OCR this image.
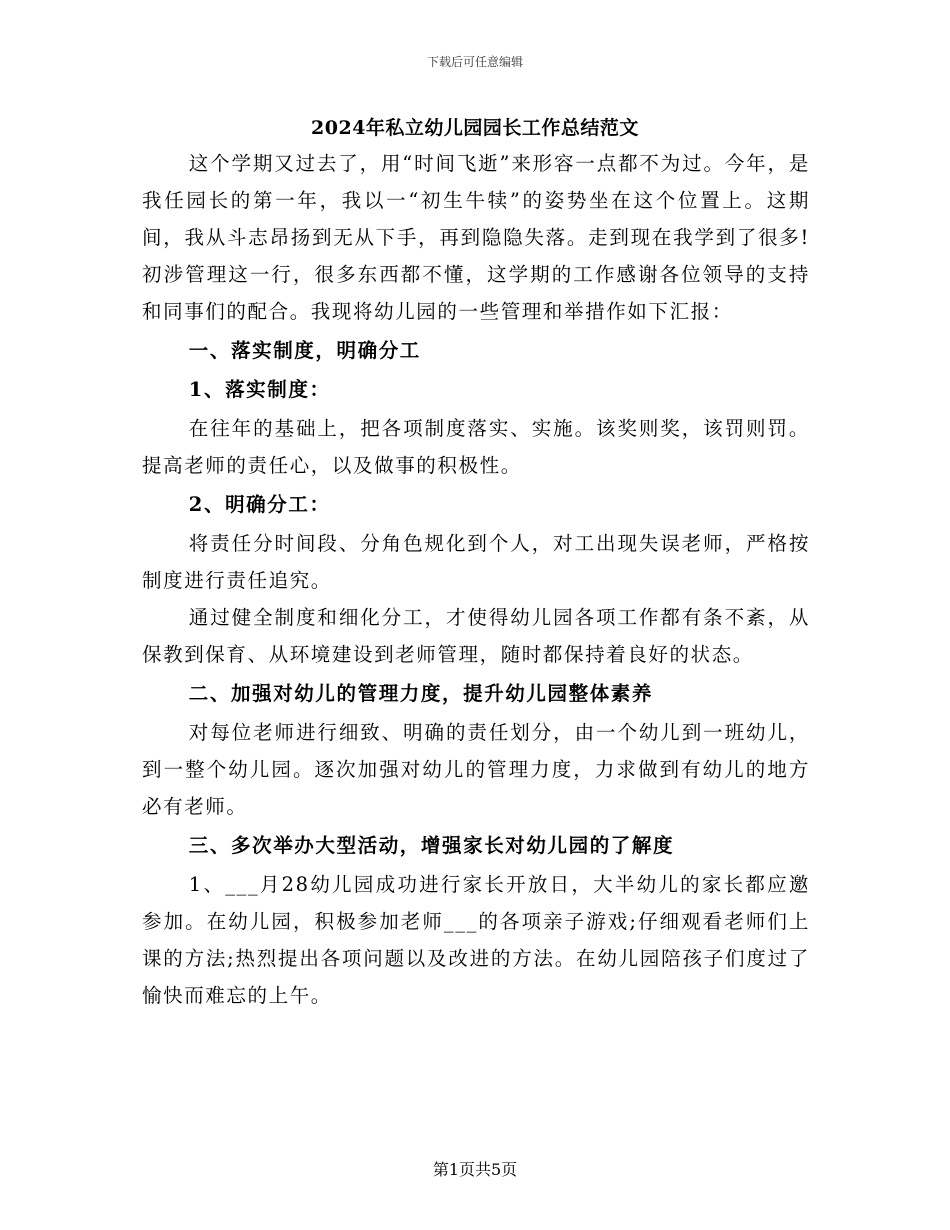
下载后可任意编辑
2024年私立幼儿园园长工作总结范文

这个学期又过去了，用“时间飞逝”来形容一点都不为过。今年，是我任园长的第一年，我以一“初生牛犊”的姿势坐在这个位置上。这期间，我从斗志昂扬到无从下手，再到隐隐失落。走到现在我学到了很多!初涉管理这一行，很多东西都不懂，这学期的工作感谢各位领导的支持和同事们的配合。我现将幼儿园的一些管理和举措作如下汇报：

一、落实制度，明确分工

1、落实制度：

在往年的基础上，把各项制度落实、实施。该奖则奖，该罚则罚。提高老师的责任心，以及做事的积极性。

2、明确分工：

将责任分时间段、分角色规化到个人，对工出现失误老师，严格按制度进行责任追究。

通过健全制度和细化分工，才使得幼儿园各项工作都有条不紊，从保教到保育、从环境建设到老师管理，随时都保持着良好的状态。

二、加强对幼儿的管理力度，提升幼儿园整体素养

对每位老师进行细致、明确的责任划分，由一个幼儿到一班幼儿，到一整个幼儿园。逐次加强对幼儿的管理力度，力求做到有幼儿的地方必有老师。

三、多次举办大型活动，增强家长对幼儿园的了解度

1、___月28幼儿园成功进行家长开放日，大半幼儿的家长都应邀参加。在幼儿园，积极参加老师___的各项亲子游戏;仔细观看老师们上课的方法;热烈提出各项问题以及改进的方法。在幼儿园陪孩子们度过了愉快而难忘的上午。

第1页共5页
